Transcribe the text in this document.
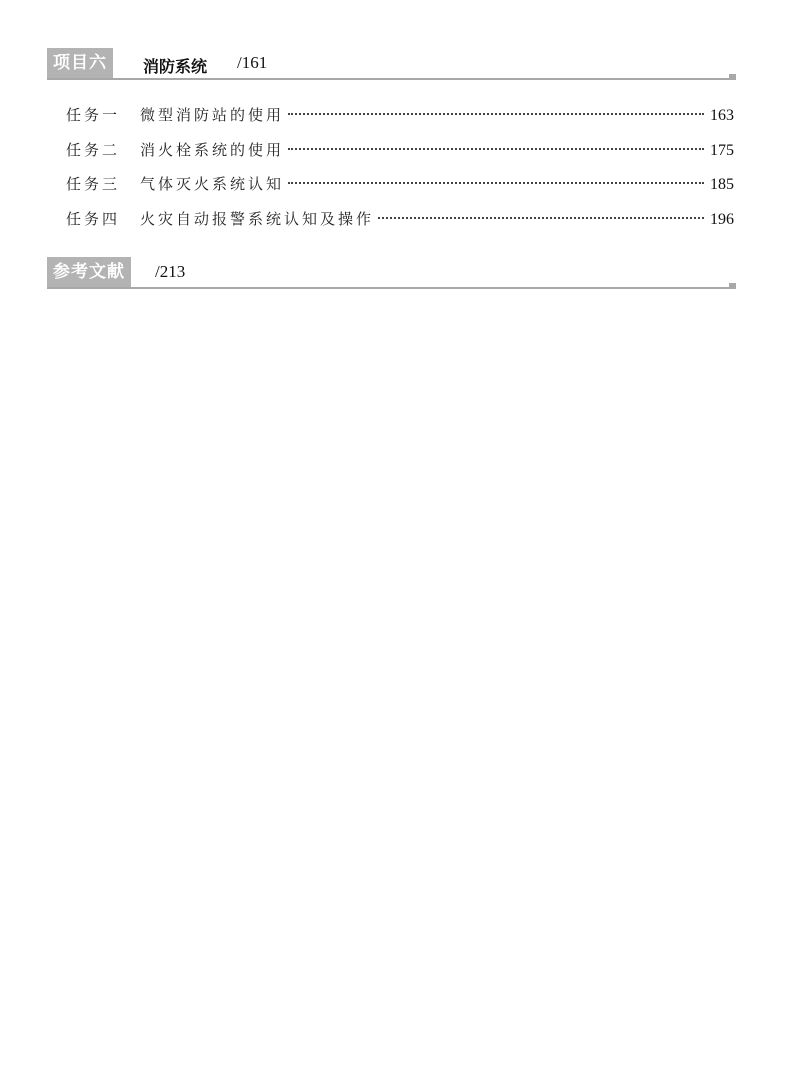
项目六	消防系统 /161
任务一	微型消防站的使用	163
任务二	消火栓系统的使用	175
任务三	气体灭火系统认知	185
任务四	火灾自动报警系统认知及操作	196
参考文献	/213
